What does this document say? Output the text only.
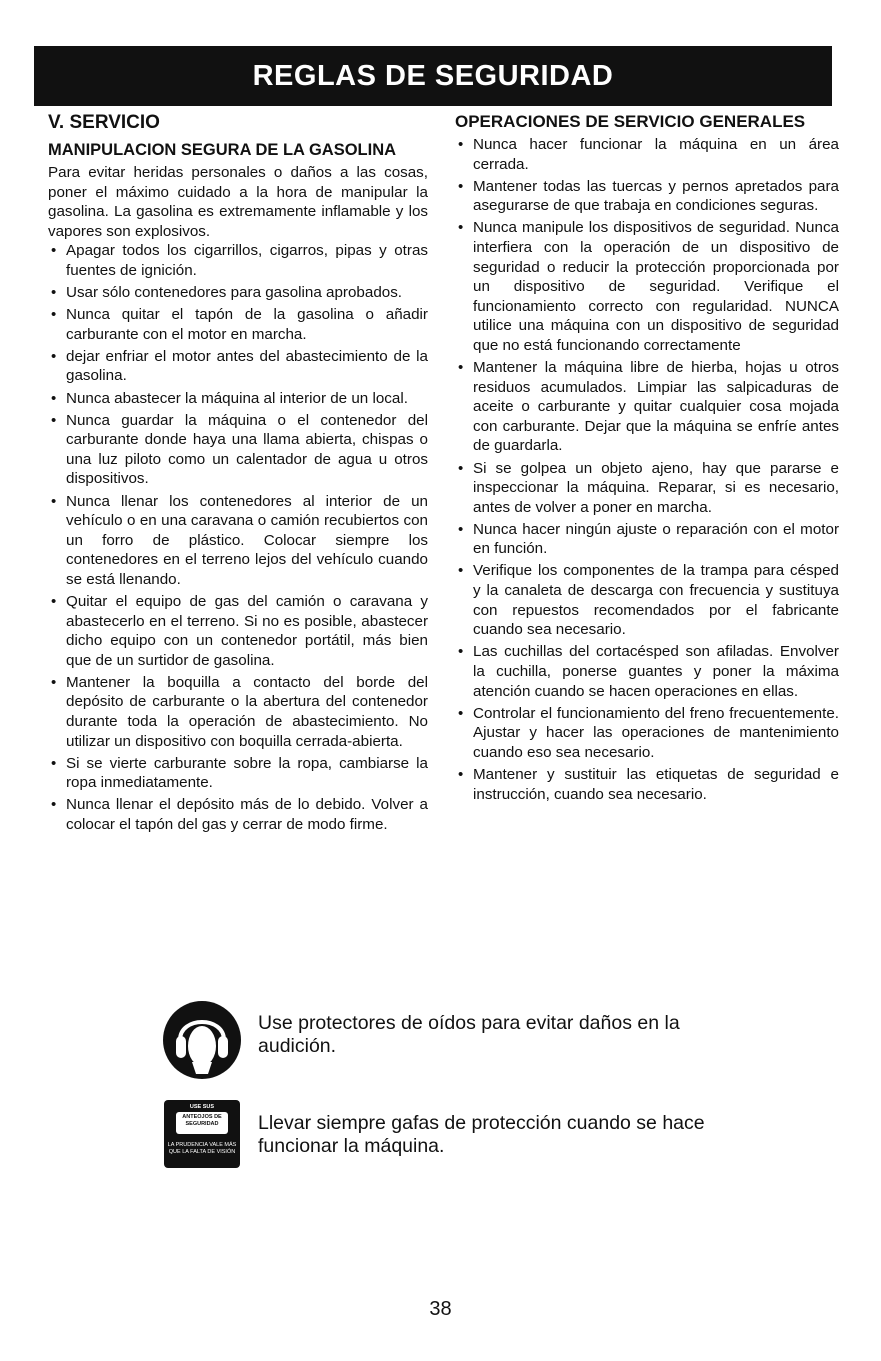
REGLAS DE SEGURIDAD
V. SERVICIO
MANIPULACION SEGURA DE LA GASOLINA

Para evitar heridas personales o daños a las cosas, poner el máximo cuidado a la hora de manipular la gasolina. La gasolina es extremamente inflamable y los vapores son explosivos.

• Apagar todos los cigarrillos, cigarros, pipas y otras fuentes de ignición.
• Usar sólo contenedores para gasolina aprobados.
• Nunca quitar el tapón de la gasolina o añadir carburante con el motor en marcha.
• dejar enfriar el motor antes del abastecimiento de la gasolina.
• Nunca abastecer la máquina al interior de un local.
• Nunca guardar la máquina o el contenedor del carburante donde haya una llama abierta, chispas o una luz piloto como un calentador de agua u otros dispositivos.
• Nunca llenar los contenedores al interior de un vehículo o en una caravana o camión recubiertos con un forro de plástico. Colocar siempre los contenedores en el terreno lejos del vehículo cuando se está llenando.
• Quitar el equipo de gas del camión o caravana y abastecerlo en el terreno. Si no es posible, abastecer dicho equipo con un contenedor portátil, más bien que de un surtidor de gasolina.
• Mantener la boquilla a contacto del borde del depósito de carburante o la abertura del contenedor durante toda la operación de abastecimiento. No utilizar un dispositivo con boquilla cerrada-abierta.
• Si se vierte carburante sobre la ropa, cambiarse la ropa inmediatamente.
• Nunca llenar el depósito más de lo debido. Volver a colocar el tapón del gas y cerrar de modo firme.
OPERACIONES DE SERVICIO GENERALES
• Nunca hacer funcionar la máquina en un área cerrada.
• Mantener todas las tuercas y pernos apretados para asegurarse de que trabaja en condiciones seguras.
• Nunca manipule los dispositivos de seguridad. Nunca interfiera con la operación de un dispositivo de seguridad o reducir la protección proporcionada por un dispositivo de seguridad. Verifique el funcionamiento correcto con regularidad. NUNCA utilice una máquina con un dispositivo de seguridad que no está funcionando correctamente
• Mantener la máquina libre de hierba, hojas u otros residuos acumulados. Limpiar las salpicaduras de aceite o carburante y quitar cualquier cosa mojada con carburante. Dejar que la máquina se enfríe antes de guardarla.
• Si se golpea un objeto ajeno, hay que pararse e inspeccionar la máquina. Reparar, si es necesario, antes de volver a poner en marcha.
• Nunca hacer ningún ajuste o reparación con el motor en función.
• Verifique los componentes de la trampa para césped y la canaleta de descarga con frecuencia y sustituya con repuestos recomendados por el fabricante cuando sea necesario.
• Las cuchillas del cortacésped son afiladas. Envolver la cuchilla, ponerse guantes y poner la máxima atención cuando se hacen operaciones en ellas.
• Controlar el funcionamiento del freno frecuentemente. Ajustar y hacer las operaciones de mantenimiento cuando eso sea necesario.
• Mantener y sustituir las etiquetas de seguridad e instrucción, cuando sea necesario.
Use protectores de oídos para evitar daños en la audición.
USE SUS
ANTEOJOS DE SEGURIDAD
LA PRUDENCIA VALE MÁS QUE LA FALTA DE VISIÓN
Llevar siempre gafas de protección cuando se hace funcionar la máquina.
38
